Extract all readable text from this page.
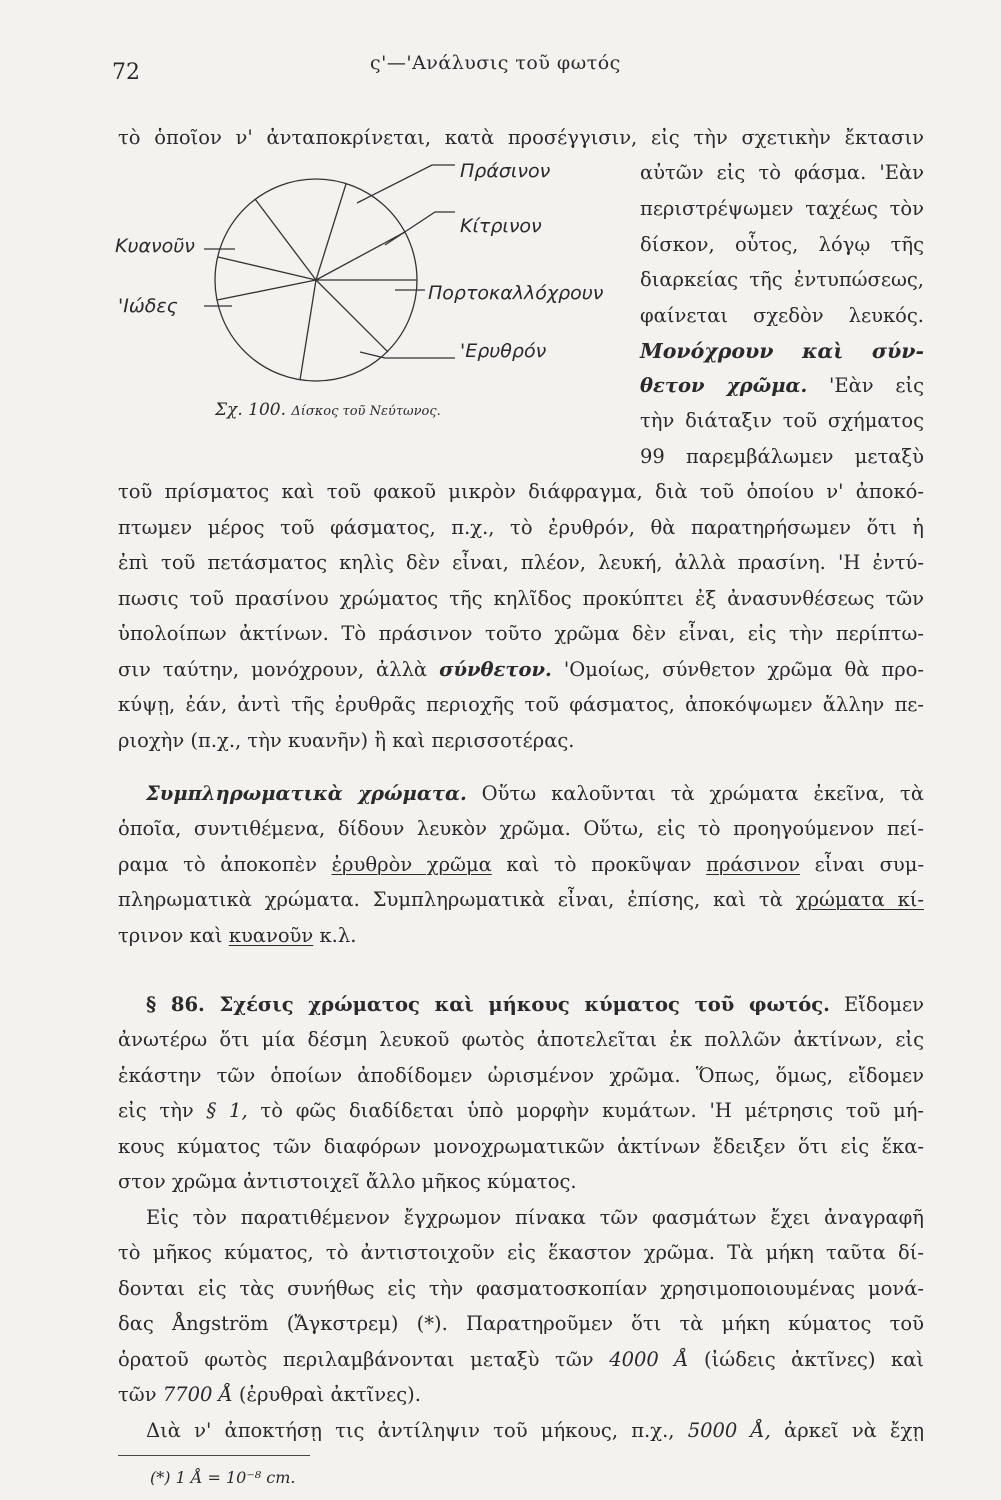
72	ς'—'Ανάλυσις τοῦ φωτός
Πράσινον
Κίτρινον
Πορτοκαλλόχρουν
'Ερυθρόν
Κυανοῦν
'Ιώδες
Σχ. 100. Δίσκος τοῦ Νεύτωνος.
τὸ ὁποῖον ν' ἀνταποκρίνεται, κατὰ προσέγγισιν, εἰς τὴν σχετικὴν ἔκτασιν
αὐτῶν εἰς τὸ φάσμα. 'Εὰν
περιστρέψωμεν ταχέως τὸν
δίσκον, οὗτος, λόγῳ τῆς
διαρκείας τῆς ἐντυπώσεως,
φαίνεται σχεδὸν λευκός.
Μονόχρουν καὶ σύν-
θετον χρῶμα. 'Εὰν εἰς
τὴν διάταξιν τοῦ σχήματος
99 παρεμβάλωμεν μεταξὺ
τοῦ πρίσματος καὶ τοῦ φακοῦ μικρὸν διάφραγμα, διὰ τοῦ ὁποίου ν' ἀποκό-
πτωμεν μέρος τοῦ φάσματος, π.χ., τὸ ἐρυθρόν, θὰ παρατηρήσωμεν ὅτι ἡ
ἐπὶ τοῦ πετάσματος κηλὶς δὲν εἶναι, πλέον, λευκή, ἀλλὰ πρασίνη. 'Η ἐντύ-
πωσις τοῦ πρασίνου χρώματος τῆς κηλῖδος προκύπτει ἐξ ἀνασυνθέσεως τῶν
ὑπολοίπων ἀκτίνων. Τὸ πράσινον τοῦτο χρῶμα δὲν εἶναι, εἰς τὴν περίπτω-
σιν ταύτην, μονόχρουν, ἀλλὰ σύνθετον. 'Ομοίως, σύνθετον χρῶμα θὰ προ-
κύψῃ, ἐάν, ἀντὶ τῆς ἐρυθρᾶς περιοχῆς τοῦ φάσματος, ἀποκόψωμεν ἄλλην πε-
ριοχὴν (π.χ., τὴν κυανῆν) ἢ καὶ περισσοτέρας.
Συμπληρωματικὰ χρώματα. Οὕτω καλοῦνται τὰ χρώματα ἐκεῖνα, τὰ
ὁποῖα, συντιθέμενα, δίδουν λευκὸν χρῶμα. Οὕτω, εἰς τὸ προηγούμενον πεί-
ραμα τὸ ἀποκοπὲν ἐρυθρὸν χρῶμα καὶ τὸ προκῦψαν πράσινον εἶναι συμ-
πληρωματικὰ χρώματα. Συμπληρωματικὰ εἶναι, ἐπίσης, καὶ τὰ χρώματα κί-
τρινον καὶ κυανοῦν κ.λ.
§ 86. Σχέσις χρώματος καὶ μήκους κύματος τοῦ φωτός. Εἴδομεν
ἀνωτέρω ὅτι μία δέσμη λευκοῦ φωτὸς ἀποτελεῖται ἐκ πολλῶν ἀκτίνων, εἰς
ἑκάστην τῶν ὁποίων ἀποδίδομεν ὡρισμένον χρῶμα. Ὅπως, ὅμως, εἴδομεν
εἰς τὴν § 1, τὸ φῶς διαδίδεται ὑπὸ μορφὴν κυμάτων. 'Η μέτρησις τοῦ μή-
κους κύματος τῶν διαφόρων μονοχρωματικῶν ἀκτίνων ἔδειξεν ὅτι εἰς ἕκα-
στον χρῶμα ἀντιστοιχεῖ ἄλλο μῆκος κύματος.
Εἰς τὸν παρατιθέμενον ἔγχρωμον πίνακα τῶν φασμάτων ἔχει ἀναγραφῆ
τὸ μῆκος κύματος, τὸ ἀντιστοιχοῦν εἰς ἕκαστον χρῶμα. Τὰ μήκη ταῦτα δί-
δονται εἰς τὰς συνήθως εἰς τὴν φασματοσκοπίαν χρησιμοποιουμένας μονά-
δας Ångström (Ἄγκστρεμ) (*). Παρατηροῦμεν ὅτι τὰ μήκη κύματος τοῦ
ὁρατοῦ φωτὸς περιλαμβάνονται μεταξὺ τῶν 4000 Å (ἰώδεις ἀκτῖνες) καὶ
τῶν 7700 Å (ἐρυθραὶ ἀκτῖνες).
Διὰ ν' ἀποκτήσῃ τις ἀντίληψιν τοῦ μήκους, π.χ., 5000 Å, ἀρκεῖ νὰ ἔχῃ
(*) 1 Å = 10⁻⁸ cm.
